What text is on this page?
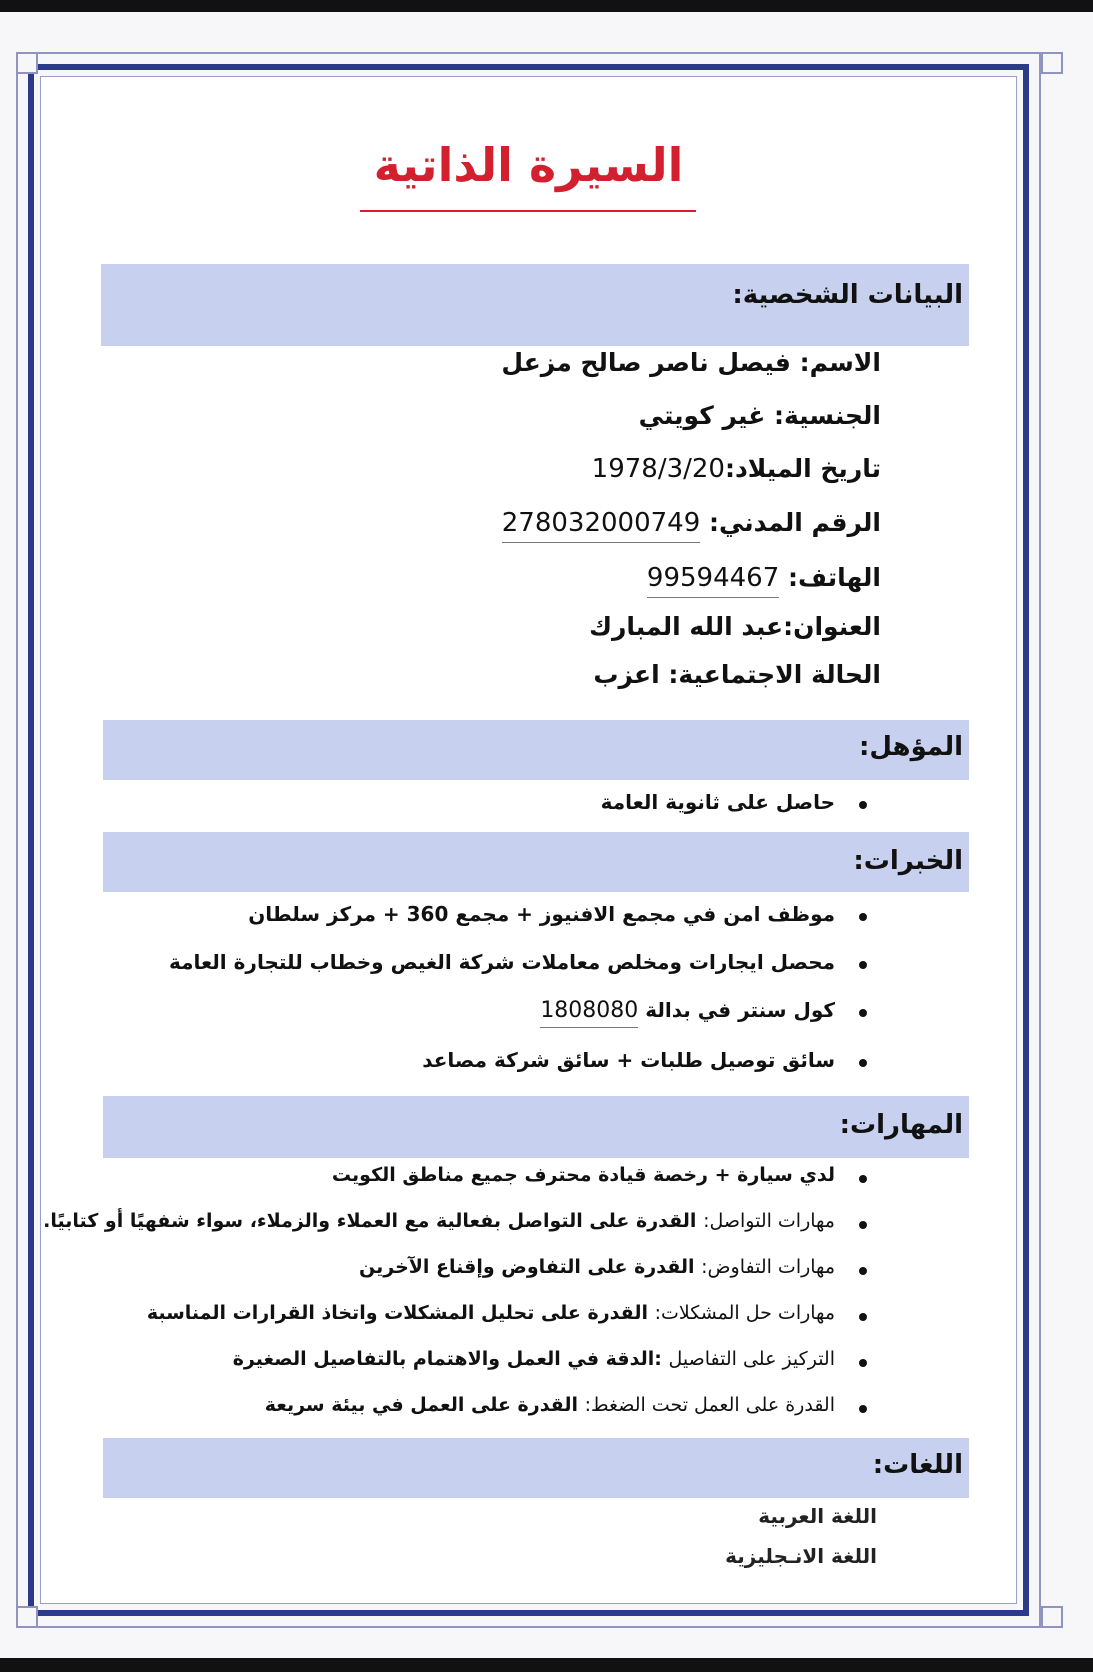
السيرة الذاتية
البيانات الشخصية:
الاسم: فيصل ناصر صالح مزعل
الجنسية: غير كويتي
تاريخ الميلاد:1978/3/20
الرقم المدني: 278032000749
الهاتف: 99594467
العنوان:عبد الله المبارك
الحالة الاجتماعية: اعزب
المؤهل:
حاصل على ثانوية العامة
الخبرات:
موظف امن في مجمع الافنيوز + مجمع 360 + مركز سلطان
محصل ايجارات ومخلص معاملات شركة الغيص وخطاب للتجارة العامة
كول سنتر في بدالة 1808080
سائق توصيل طلبات + سائق شركة مصاعد
المهارات:
لدي سيارة + رخصة قيادة محترف جميع مناطق الكويت
مهارات التواصل: القدرة على التواصل بفعالية مع العملاء والزملاء، سواء شفهيًا أو كتابيًا.
مهارات التفاوض: القدرة على التفاوض وإقناع الآخرين
مهارات حل المشكلات: القدرة على تحليل المشكلات واتخاذ القرارات المناسبة
التركيز على التفاصيل :الدقة في العمل والاهتمام بالتفاصيل الصغيرة
القدرة على العمل تحت الضغط: القدرة على العمل في بيئة سريعة
اللغات:
اللغة العربية
اللغة الانـجليزية
